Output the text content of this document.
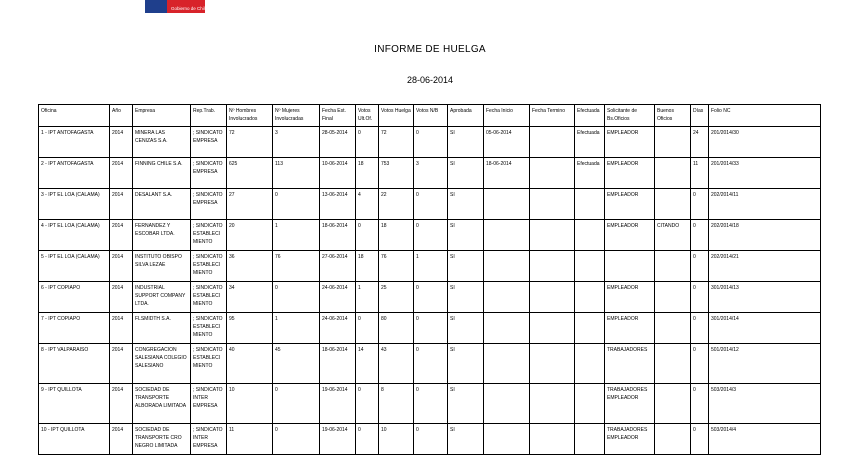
Gobierno de Chile
INFORME DE HUELGA
28-06-2014
Oficina	Año	Empresa	Rep.Trab.	Nº Hombres Involucrados	Nº Mujeres Involucradas	Fecha Est. Final	Votos Ult.Of.	Votos Huelga	Votos N/B	Aprobada	Fecha Inicio	Fecha Termino	Efectuada	Solicitante de Bs.Oficios	Buenos Oficios	Días	Folio NC
1 - IPT ANTOFAGASTA	2014	MINERA LAS CENIZAS S.A.	; SINDICATO EMPRESA	72	3	28-05-2014	0	72	0	SI	05-06-2014		Efectuada	EMPLEADOR		24	201/2014/30
2 - IPT ANTOFAGASTA	2014	FINNING CHILE S.A.	; SINDICATO EMPRESA	625	113	10-06-2014	18	753	3	SI	18-06-2014		Efectuada	EMPLEADOR		11	201/2014/33
3 - IPT EL LOA (CALAMA)	2014	DESALANT S.A.	; SINDICATO EMPRESA	27	0	13-06-2014	4	22	0	SI				EMPLEADOR		0	202/2014/11
4 - IPT EL LOA (CALAMA)	2014	FERNANDEZ Y ESCOBAR LTDA.	; SINDICATO ESTABLECIMIENTO	20	1	18-06-2014	0	18	0	SI				EMPLEADOR	CITANDO	0	202/2014/18
5 - IPT EL LOA (CALAMA)	2014	INSTITUTO OBISPO SILVA LEZAE	; SINDICATO ESTABLECIMIENTO	36	76	27-06-2014	18	76	1	SI						0	202/2014/21
6 - IPT COPIAPO	2014	INDUSTRIAL SUPPORT COMPANY LTDA.	; SINDICATO ESTABLECIMIENTO	34	0	24-06-2014	1	25	0	SI				EMPLEADOR		0	301/2014/13
7 - IPT COPIAPO	2014	FLSMIDTH S.A.	; SINDICATO ESTABLECIMIENTO	95	1	24-06-2014	0	80	0	SI				EMPLEADOR		0	301/2014/14
8 - IPT VALPARAISO	2014	CONGREGACION SALESIANA COLEGIO SALESIANO	; SINDICATO ESTABLECIMIENTO	40	45	18-06-2014	14	43	0	SI				TRABAJADORES		0	501/2014/12
9 - IPT QUILLOTA	2014	SOCIEDAD DE TRANSPORTE ALBORADA LIMITADA	; SINDICATO INTER EMPRESA	10	0	19-06-2014	0	8	0	SI				TRABAJADORES EMPLEADOR		0	503/2014/3
10 - IPT QUILLOTA	2014	SOCIEDAD DE TRANSPORTE CRO NEGRO LIMITADA	; SINDICATO INTER EMPRESA	11	0	19-06-2014	0	10	0	SI				TRABAJADORES EMPLEADOR		0	503/2014/4
